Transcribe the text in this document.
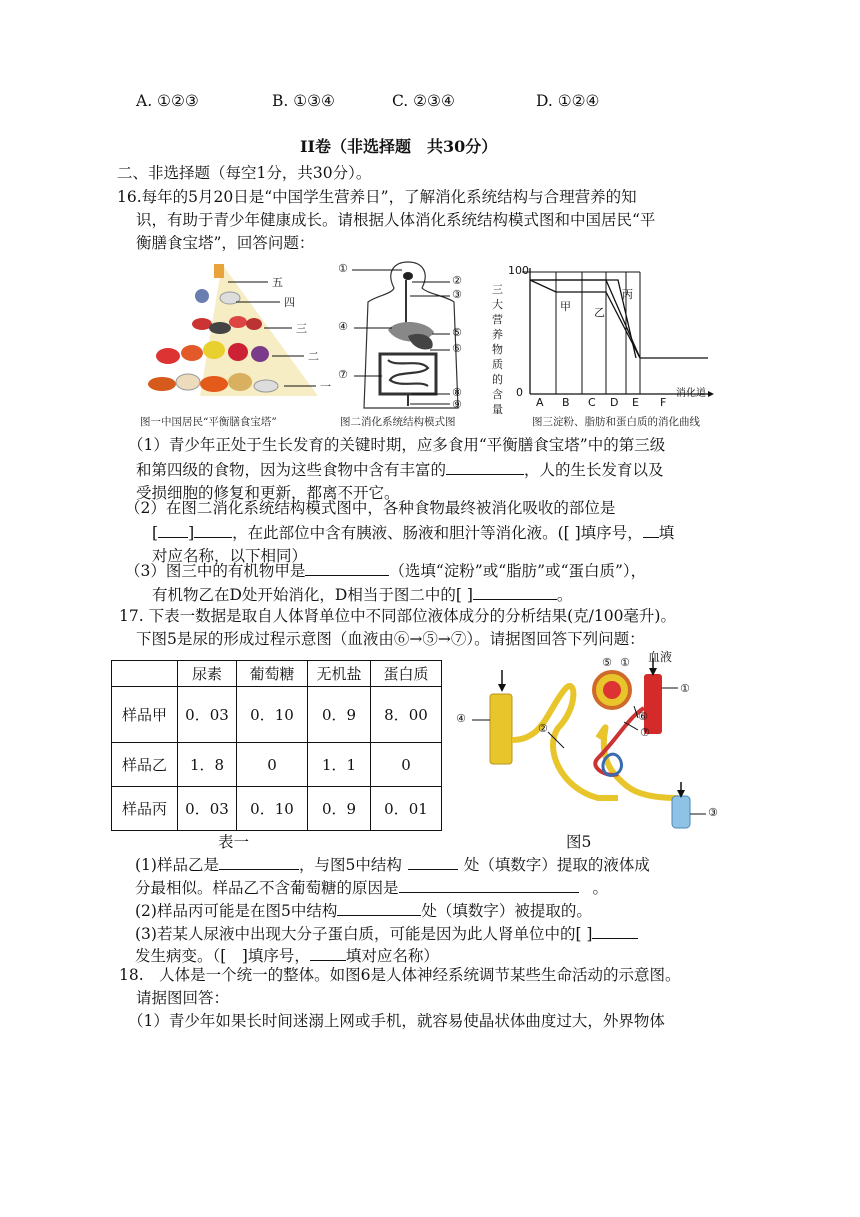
A. ①②③	B. ①③④	C. ②③④	D. ①②④
II卷（非选择题　共30分）
二、非选择题（每空1分，共30分）。
16.每年的5月20日是“中国学生营养日”，了解消化系统结构与合理营养的知
识，有助于青少年健康成长。请根据人体消化系统结构模式图和中国居民“平
衡膳食宝塔”，回答问题：
五
四
三
二
一
图一中国居民“平衡膳食宝塔”
①
②
③
④	⑤
⑥
⑦
⑧
⑨
图二消化系统结构模式图
100
0
三大营养物质的含量
甲 乙
丙
A B C D E F
消化道
图三淀粉、脂肪和蛋白质的消化曲线
（1）青少年正处于生长发育的关键时期，应多食用“平衡膳食宝塔”中的第三级
和第四级的食物，因为这些食物中含有丰富的	，人的生长发育以及
受损细胞的修复和更新，都离不开它。
（2）在图二消化系统结构模式图中，各种食物最终被消化吸收的部位是
[ ] ，在此部位中含有胰液、肠液和胆汁等消化液。([ ]填序号， 填
对应名称，以下相同）
（3）图三中的有机物甲是	（选填“淀粉”或“脂肪”或“蛋白质”），
有机物乙在D处开始消化，D相当于图二中的[ ]	。
17. 下表一数据是取自人体肾单位中不同部位液体成分的分析结果(克/100毫升)。
下图5是尿的形成过程示意图（血液由⑥→⑤→⑦）。请据图回答下列问题：
	尿素	葡萄糖	无机盐	蛋白质
样品甲	0．03	0．10	0．9	8．00
样品乙	1．8	0	1．1	0
样品丙	0．03	0．10	0．9	0．01
表一
血液
⑤ ①
①
④
②
⑥
⑦
③
图5
(1)样品乙是	，与图5中结构	处（填数字）提取的液体成
分最相似。样品乙不含葡萄糖的原因是	。
(2)样品丙可能是在图5中结构	处（填数字）被提取的。
(3)若某人尿液中出现大分子蛋白质，可能是因为此人肾单位中的[ ]
发生病变。（[　]填序号， 填对应名称）
18.　人体是一个统一的整体。如图6是人体神经系统调节某些生命活动的示意图。
请据图回答：
（1）青少年如果长时间迷溺上网或手机，就容易使晶状体曲度过大，外界物体
